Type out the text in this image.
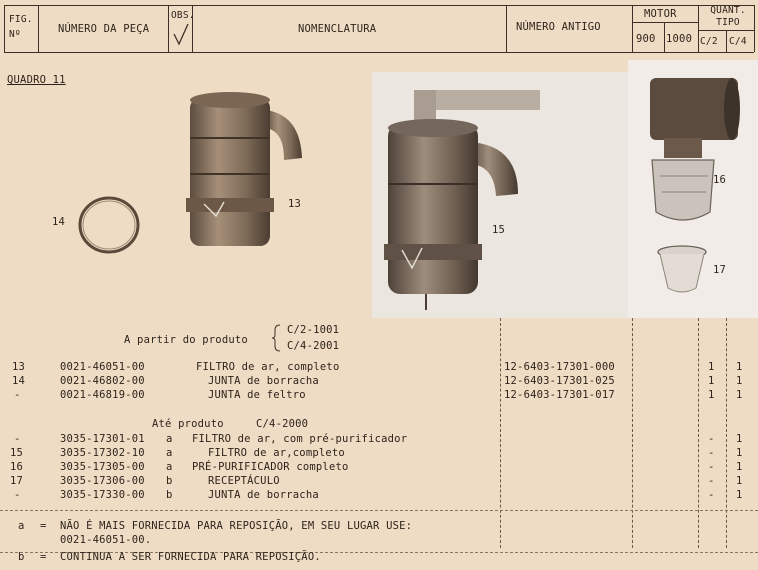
FIG. Nº	NÚMERO DA PEÇA
OBS.
NOMENCLATURA	NÚMERO ANTIGO
MOTOR
900 1000
QUANT. TIPO
C/2 C/4
QUADRO 11
14
13
15
16
17
A partir do produto
C/2-1001
C/4-2001
13	0021-46051-00	FILTRO de ar, completo	12-6403-17301-000	1 1
14	0021-46802-00	JUNTA de borracha	12-6403-17301-025	1 1
-	0021-46819-00	JUNTA de feltro	12-6403-17301-017	1 1
Até produto	C/4-2000
-	3035-17301-01 a FILTRO de ar, com pré-purificador	- 1
15	3035-17302-10 a	FILTRO de ar,completo	- 1
16	3035-17305-00 a PRÉ-PURIFICADOR completo	- 1
17	3035-17306-00 b	RECEPTÁCULO	- 1
-	3035-17330-00 b	JUNTA de borracha	- 1
a = NÃO É MAIS FORNECIDA PARA REPOSIÇÃO, EM SEU LUGAR USE:
0021-46051-00.
b = CONTINUA A SER FORNECIDA PARA REPOSIÇÃO.
